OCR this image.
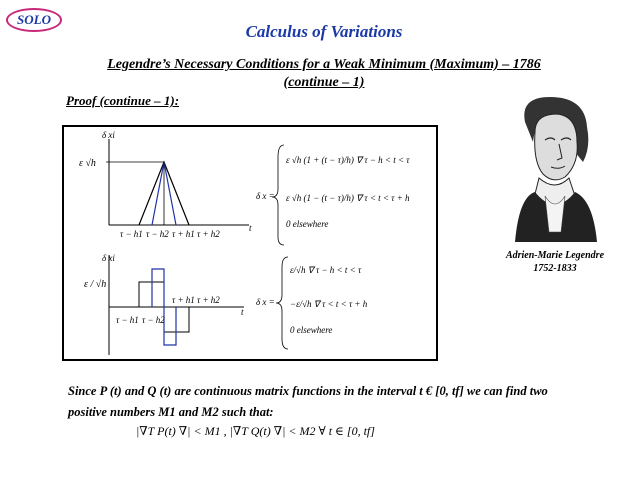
SOLO
Calculus of Variations
Legendre’s Necessary Conditions for a Weak Minimum (Maximum) – 1786
(continue – 1)
Proof (continue – 1):
δ xi
t
ε √h
τ − h1 τ − h2 τ + h1 τ + h2
δ x =
ε √h (1 + (t − τ)/h) ∇ τ − h < t < τ
ε √h (1 − (t − τ)/h) ∇ τ < t < τ + h
0 elsewhere
δ xi
t
ε / √h
τ − h1 τ − h2
τ + h1 τ + h2	δ x =
ε/√h ∇ τ − h < t < τ
−ε/√h ∇ τ < t < τ + h
0 elsewhere
Adrien-Marie Legendre
1752-1833
Since P (t) and Q (t) are continuous matrix functions in the interval t € [0, tf] we can find two
positive numbers M1 and M2 such that:
|∇T P(t) ∇| < M1 , |∇T Q(t) ∇| < M2 ∀ t ∈ [0, tf]
